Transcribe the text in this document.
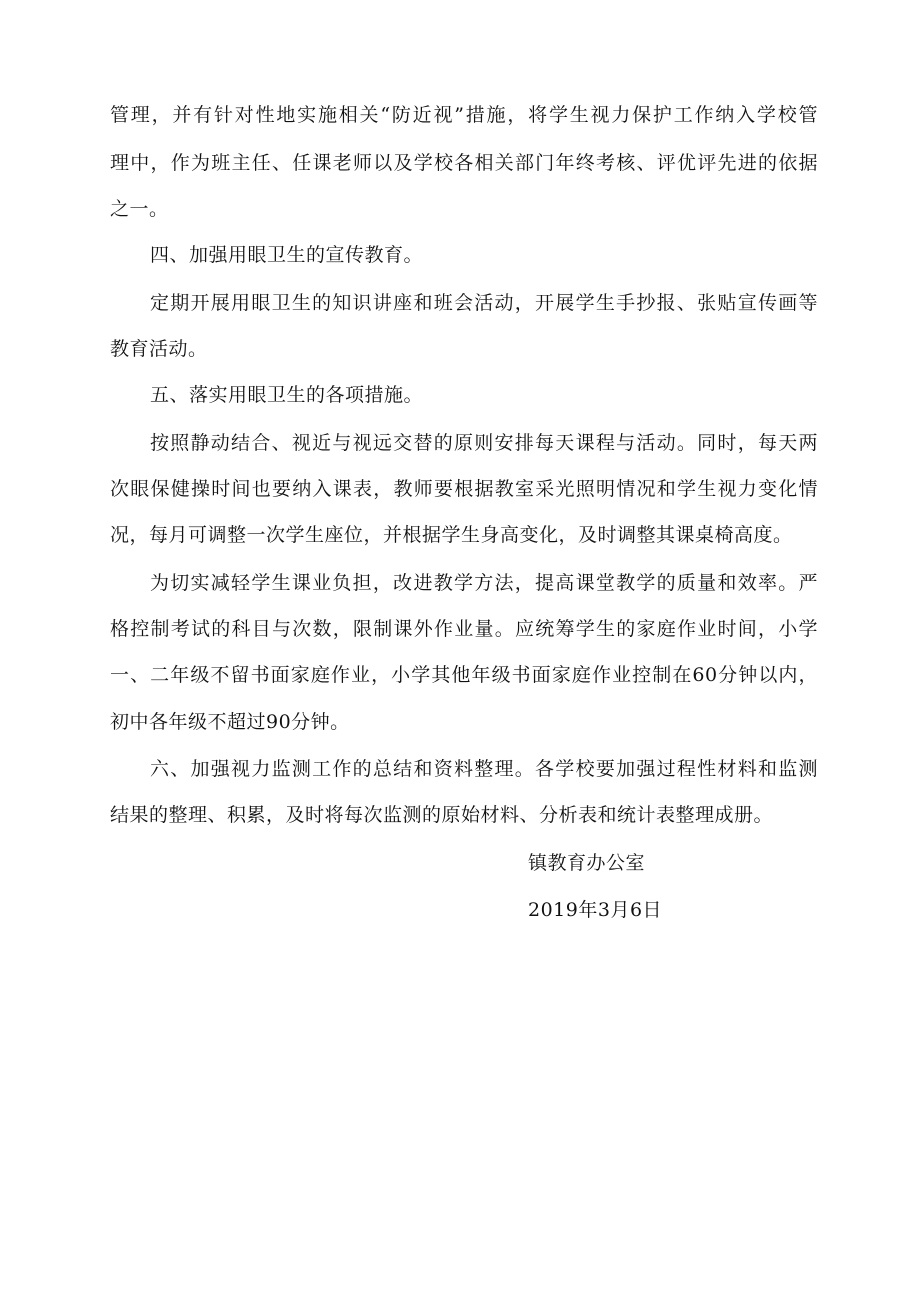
管理，并有针对性地实施相关“防近视”措施，将学生视力保护工作纳入学校管
理中，作为班主任、任课老师以及学校各相关部门年终考核、评优评先进的依据
之一。
四、加强用眼卫生的宣传教育。
定期开展用眼卫生的知识讲座和班会活动，开展学生手抄报、张贴宣传画等
教育活动。
五、落实用眼卫生的各项措施。
按照静动结合、视近与视远交替的原则安排每天课程与活动。同时，每天两
次眼保健操时间也要纳入课表，教师要根据教室采光照明情况和学生视力变化情
况，每月可调整一次学生座位，并根据学生身高变化，及时调整其课桌椅高度。
为切实减轻学生课业负担，改进教学方法，提高课堂教学的质量和效率。严
格控制考试的科目与次数，限制课外作业量。应统筹学生的家庭作业时间，小学
一、二年级不留书面家庭作业，小学其他年级书面家庭作业控制在60分钟以内，
初中各年级不超过90分钟。
六、加强视力监测工作的总结和资料整理。各学校要加强过程性材料和监测
结果的整理、积累，及时将每次监测的原始材料、分析表和统计表整理成册。
镇教育办公室
2019年3月6日
